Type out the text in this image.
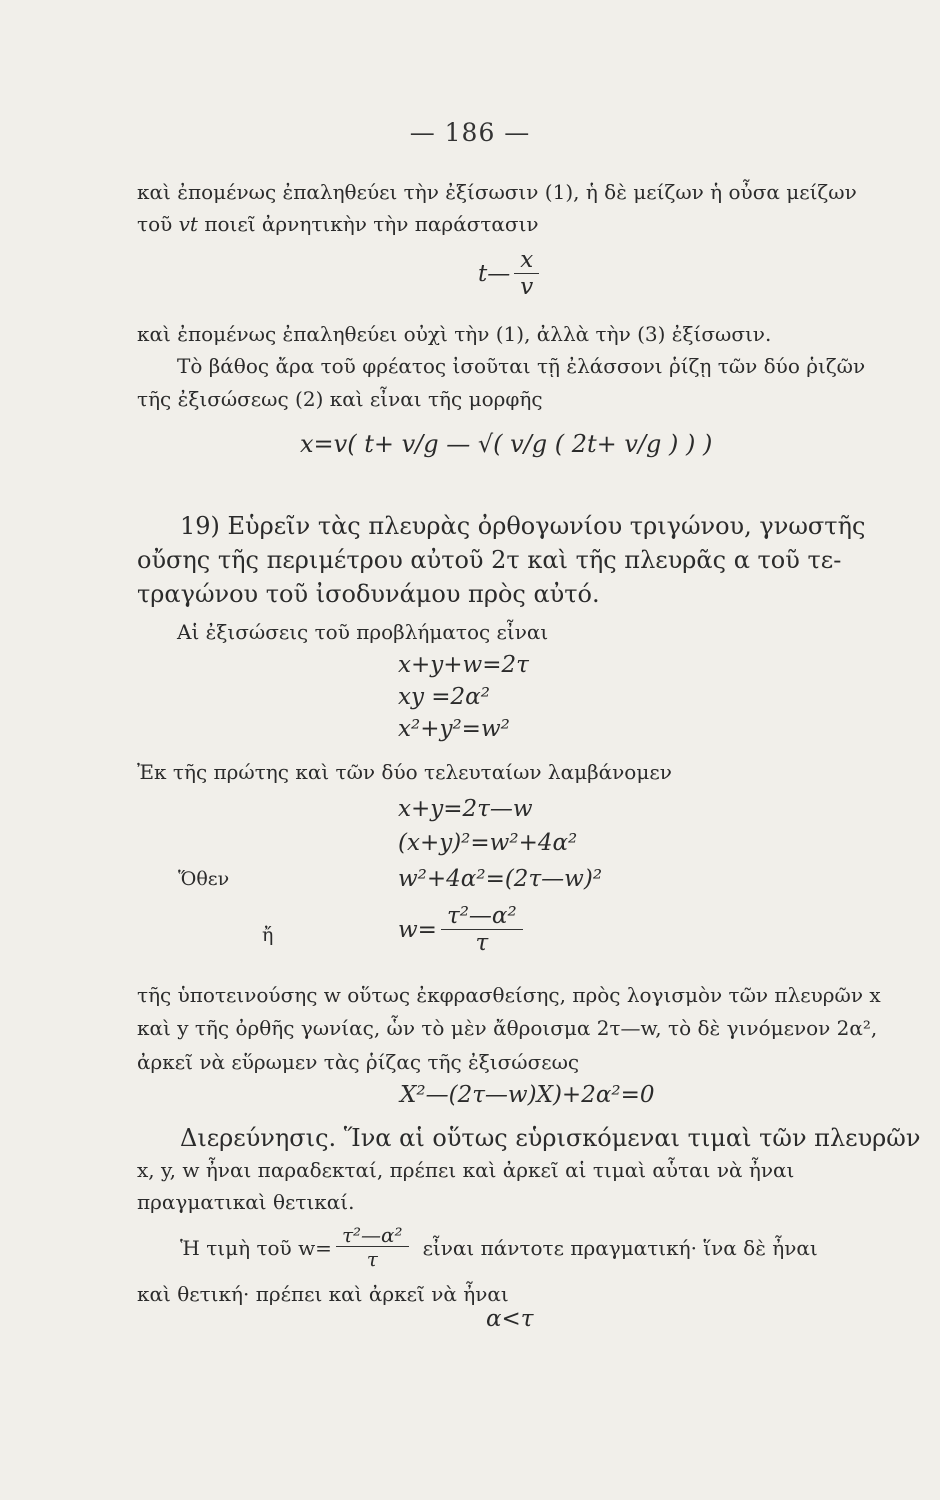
— 186 —
καὶ ἐπομένως ἐπαληθεύει τὴν ἐξίσωσιν (1), ἡ δὲ μείζων ἡ οὖσα μείζων
τοῦ vt ποιεῖ ἀρνητικὴν τὴν παράστασιν
t— $\frac{x}{v}$
καὶ ἐπομένως ἐπαληθεύει οὐχὶ τὴν (1), ἀλλὰ τὴν (3) ἐξίσωσιν.
Τὸ βάθος ἄρα τοῦ φρέατος ἰσοῦται τῇ ἐλάσσονι ῥίζῃ τῶν δύο ῥιζῶν
τῆς ἐξισώσεως (2) καὶ εἶναι τῆς μορφῆς
x=v( t+ v/g — √( v/g ( 2t+ v/g ) ) )
19) Εὑρεῖν τὰς πλευρὰς ὀρθογωνίου τριγώνου, γνωστῆς
οὔσης τῆς περιμέτρου αὐτοῦ 2τ καὶ τῆς πλευρᾶς α τοῦ τε-
τραγώνου τοῦ ἰσοδυνάμου πρὸς αὐτό.
Αἱ ἐξισώσεις τοῦ προβλήματος εἶναι
x+y+w=2τ
xy =2α²
x²+y²=w²
Ἐκ τῆς πρώτης καὶ τῶν δύο τελευταίων λαμβάνομεν
x+y=2τ—w
(x+y)²=w²+4α²
Ὅθεν	w²+4α²=(2τ—w)²
ἤ	$w= \frac{\text{τ²—α²}}{\tau}$
τῆς ὑποτεινούσης w οὕτως ἐκφρασθείσης, πρὸς λογισμὸν τῶν πλευρῶν x
καὶ y τῆς ὀρθῆς γωνίας, ὧν τὸ μὲν ἄθροισμα 2τ—w, τὸ δὲ γινόμενον 2α²,
ἀρκεῖ νὰ εὕρωμεν τὰς ῥίζας τῆς ἐξισώσεως
X²—(2τ—w)X)+2α²=0
Διερεύνησις. Ἵνα αἱ οὕτως εὑρισκόμεναι τιμαὶ τῶν πλευρῶν
x, y, w ἦναι παραδεκταί, πρέπει καὶ ἀρκεῖ αἱ τιμαὶ αὗται νὰ ἦναι
πραγματικαὶ θετικαί.
Ἡ τιμὴ τοῦ $w= \frac{\text{τ²—α²}}{\tau}$ εἶναι πάντοτε πραγματική· ἵνα δὲ ἦναι
καὶ θετική· πρέπει καὶ ἀρκεῖ νὰ ἦναι
α<τ
